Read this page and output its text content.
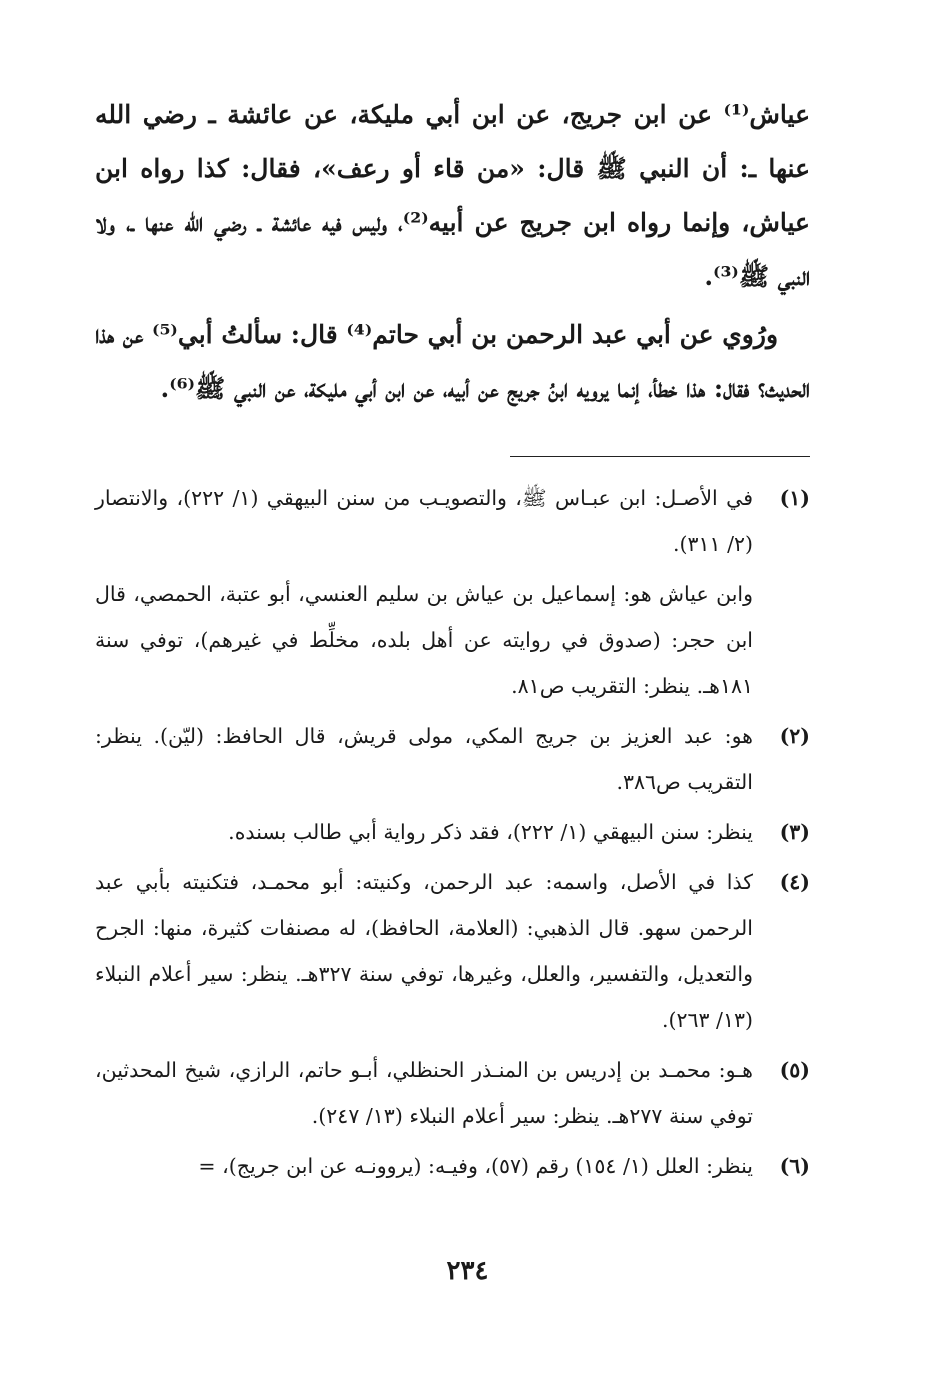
عياش⁽¹⁾ عن ابن جريج، عن ابن أبي مليكة، عن عائشة ـ رضي الله عنها ـ: أن النبي ﷺ قال: «من قاء أو رعف»، فقال: كذا رواه ابن عياش، وإنما رواه ابن جريج عن أبيه⁽²⁾، وليس فيه عائشة ـ رضي الله عنها ـ، ولا النبي ﷺ⁽³⁾.

ورُوي عن أبي عبد الرحمن بن أبي حاتم⁽⁴⁾ قال: سألتُ أبي⁽⁵⁾ عن هذا الحديث؟ فقال: هذا خطأ، إنما يرويه ابنُ جريج عن أبيه، عن ابن أبي مليكة، عن النبي ﷺ⁽⁶⁾.

(١)

في الأصـل: ابن عبـاس ﷺ، والتصويـب من سنن البيهقي (١/ ٢٢٢)، والانتصار (٢/ ٣١١).

وابن عياش هو: إسماعيل بن عياش بن سليم العنسي، أبو عتبة، الحمصي، قال ابن حجر: (صدوق في روايته عن أهل بلده، مخلِّط في غيرهم)، توفي سنة ١٨١هـ. ينظر: التقريب ص٨١.

(٢)

هو: عبد العزيز بن جريج المكي، مولى قريش، قال الحافظ: (ليّن). ينظر: التقريب ص٣٨٦.

(٣)

ينظر: سنن البيهقي (١/ ٢٢٢)، فقد ذكر رواية أبي طالب بسنده.

(٤)

كذا في الأصل، واسمه: عبد الرحمن، وكنيته: أبو محمـد، فتكنيته بأبي عبد الرحمن سهو. قال الذهبي: (العلامة، الحافظ)، له مصنفات كثيرة، منها: الجرح والتعديل، والتفسير، والعلل، وغيرها، توفي سنة ٣٢٧هـ. ينظر: سير أعلام النبلاء (١٣/ ٢٦٣).

(٥)

هـو: محمـد بن إدريس بن المنـذر الحنظلي، أبـو حاتم، الرازي، شيخ المحدثين، توفي سنة ٢٧٧هـ. ينظر: سير أعلام النبلاء (١٣/ ٢٤٧).

(٦)

ينظر: العلل (١/ ١٥٤) رقم (٥٧)، وفيـه: (يروونـه عن ابن جريج)، =

٢٣٤
